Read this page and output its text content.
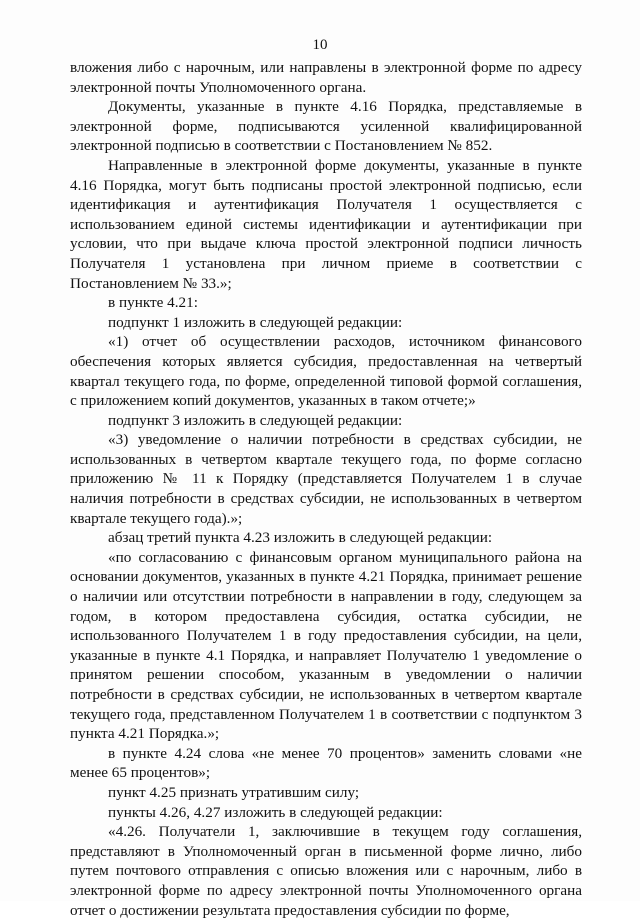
10

вложения либо с нарочным, или направлены в электронной форме по адресу электронной почты Уполномоченного органа.

Документы, указанные в пункте 4.16 Порядка, представляемые в электронной форме, подписываются усиленной квалифицированной электронной подписью в соответствии с Постановлением № 852.

Направленные в электронной форме документы, указанные в пункте 4.16 Порядка, могут быть подписаны простой электронной подписью, если идентификация и аутентификация Получателя 1 осуществляется с использованием единой системы идентификации и аутентификации при условии, что при выдаче ключа простой электронной подписи личность Получателя 1 установлена при личном приеме в соответствии с Постановлением № 33.»;

в пункте 4.21:

подпункт 1 изложить в следующей редакции:

«1) отчет об осуществлении расходов, источником финансового обеспечения которых является субсидия, предоставленная на четвертый квартал текущего года, по форме, определенной типовой формой соглашения, с приложением копий документов, указанных в таком отчете;»

подпункт 3 изложить в следующей редакции:

«3) уведомление о наличии потребности в средствах субсидии, не использованных в четвертом квартале текущего года, по форме согласно приложению № 11 к Порядку (представляется Получателем 1 в случае наличия потребности в средствах субсидии, не использованных в четвертом квартале текущего года).»;

абзац третий пункта 4.23 изложить в следующей редакции:

«по согласованию с финансовым органом муниципального района на основании документов, указанных в пункте 4.21 Порядка, принимает решение о наличии или отсутствии потребности в направлении в году, следующем за годом, в котором предоставлена субсидия, остатка субсидии, не использованного Получателем 1 в году предоставления субсидии, на цели, указанные в пункте 4.1 Порядка, и направляет Получателю 1 уведомление о принятом решении способом, указанным в уведомлении о наличии потребности в средствах субсидии, не использованных в четвертом квартале текущего года, представленном Получателем 1 в соответствии с подпунктом 3 пункта 4.21 Порядка.»;

в пункте 4.24 слова «не менее 70 процентов» заменить словами «не менее 65 процентов»;

пункт 4.25 признать утратившим силу;

пункты 4.26, 4.27 изложить в следующей редакции:

«4.26. Получатели 1, заключившие в текущем году соглашения, представляют в Уполномоченный орган в письменной форме лично, либо путем почтового отправления с описью вложения или с нарочным, либо в электронной форме по адресу электронной почты Уполномоченного органа отчет о достижении результата предоставления субсидии по форме,
